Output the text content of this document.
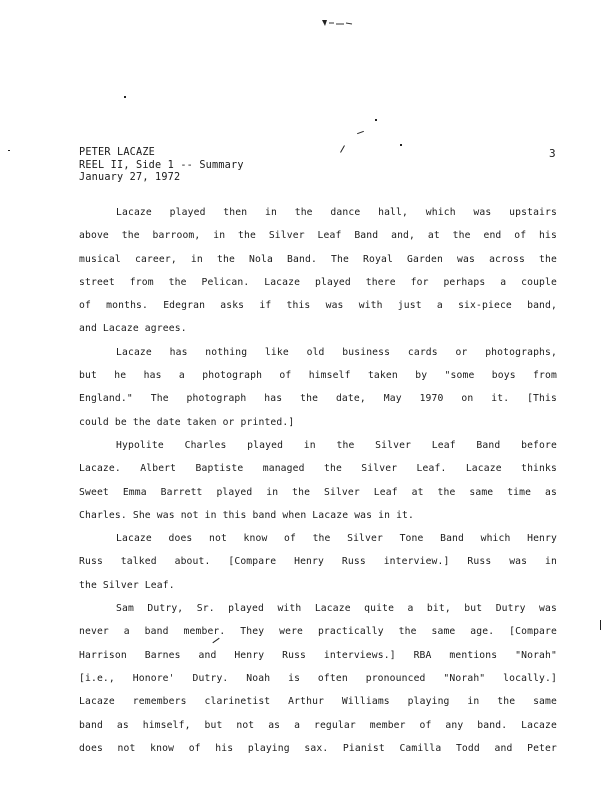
PETER LACAZE
REEL II, Side 1 -- Summary
January 27, 1972
3
Lacaze played then in the dance hall, which was upstairs
above the barroom, in the Silver Leaf Band and, at the end of his
musical career, in the Nola Band. The Royal Garden was across the
street from the Pelican. Lacaze played there for perhaps a couple
of months. Edegran asks if this was with just a six-piece band,
and Lacaze agrees.
Lacaze has nothing like old business cards or photographs,
but he has a photograph of himself taken by "some boys from
England." The photograph has the date, May 1970 on it. [This
could be the date taken or printed.]
Hypolite Charles played in the Silver Leaf Band before
Lacaze. Albert Baptiste managed the Silver Leaf. Lacaze thinks
Sweet Emma Barrett played in the Silver Leaf at the same time as
Charles. She was not in this band when Lacaze was in it.
Lacaze does not know of the Silver Tone Band which Henry
Russ talked about. [Compare Henry Russ interview.] Russ was in
the Silver Leaf.
Sam Dutry, Sr. played with Lacaze quite a bit, but Dutry was
never a band member. They were practically the same age. [Compare
Harrison Barnes and Henry Russ interviews.] RBA mentions "Norah"
[i.e., Honore' Dutry. Noah is often pronounced "Norah" locally.]
Lacaze remembers clarinetist Arthur Williams playing in the same
band as himself, but not as a regular member of any band. Lacaze
does not know of his playing sax. Pianist Camilla Todd and Peter
